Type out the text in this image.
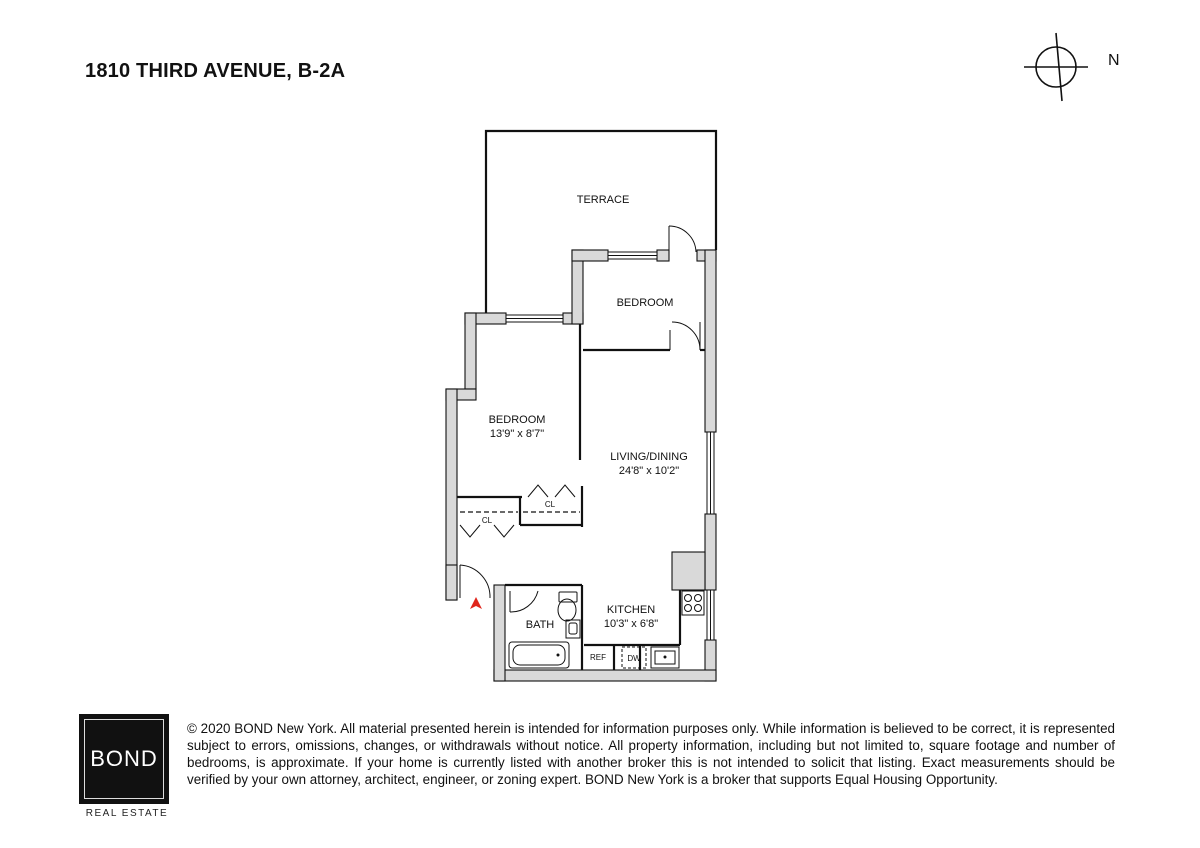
1810 THIRD AVENUE, B-2A	N
TERRACE
BEDROOM
BEDROOM
13'9" x 8'7"
LIVING/DINING
24'8" x 10'2"
KITCHEN
10'3" x 6'8"
BATH
CL
CL
REF	DW
BOND
REAL ESTATE

© 2020 BOND New York. All material presented herein is intended for information purposes only. While information is believed to be correct, it is represented subject to errors, omissions, changes, or withdrawals without notice. All property information, including but not limited to, square footage and number of bedrooms, is approximate. If your home is currently listed with another broker this is not intended to solicit that listing. Exact measurements should be verified by your own attorney, architect, engineer, or zoning expert. BOND New York is a broker that supports Equal Housing Opportunity.
